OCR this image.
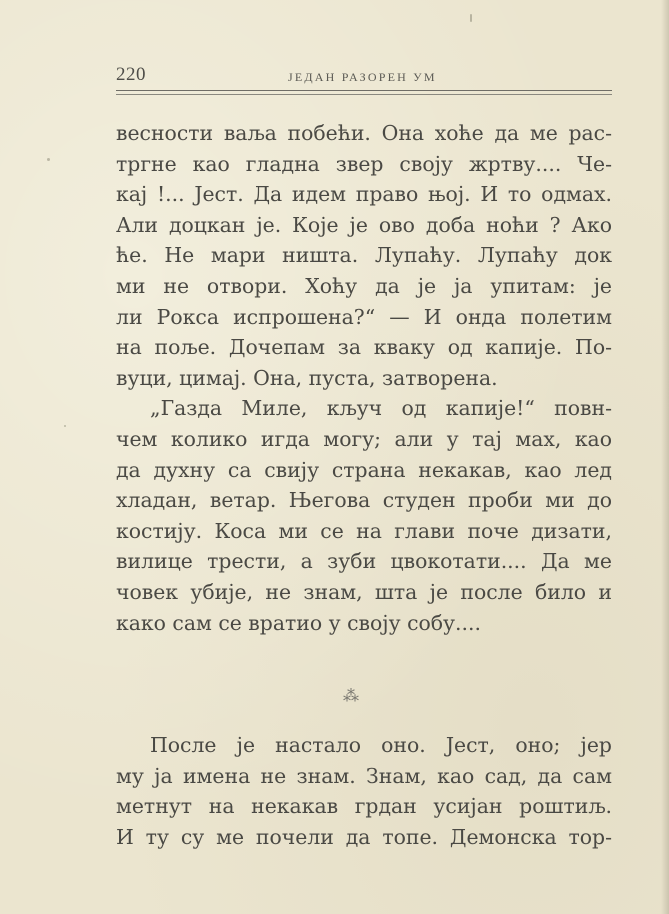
220	ЈЕДАН РАЗОРЕН УМ
весности ваља побећи. Она хоће да ме рас-
тргне као гладна звер своју жртву.... Че-
кај !... Јест. Да идем право њој. И то одмах.
Али доцкан је. Које је ово доба ноћи ? Ако
ће. Не мари ништа. Лупаћу. Лупаћу док
ми не отвори. Хоћу да је ја упитам: је
ли Рокса испрошена?“ — И онда полетим
на поље. Дочепам за кваку од капије. По-
вуци, цимај. Она, пуста, затворена.
„Газда Миле, кључ од капије!“ повн-
чем колико игда могу; али у тај мах, као
да духну са свију страна некакав, као лед
хладан, ветар. Његова студен проби ми до
костију. Коса ми се на глави поче дизати,
вилице трести, а зуби цвокотати.... Да ме
човек убије, не знам, шта је после било и
како сам се вратио у своју собу....
⁂
После је настало оно. Јест, оно; јер
му ја имена не знам. Знам, као сад, да сам
метнут на некакав грдан усијан роштиљ.
И ту су ме почели да топе. Демонска тор-
